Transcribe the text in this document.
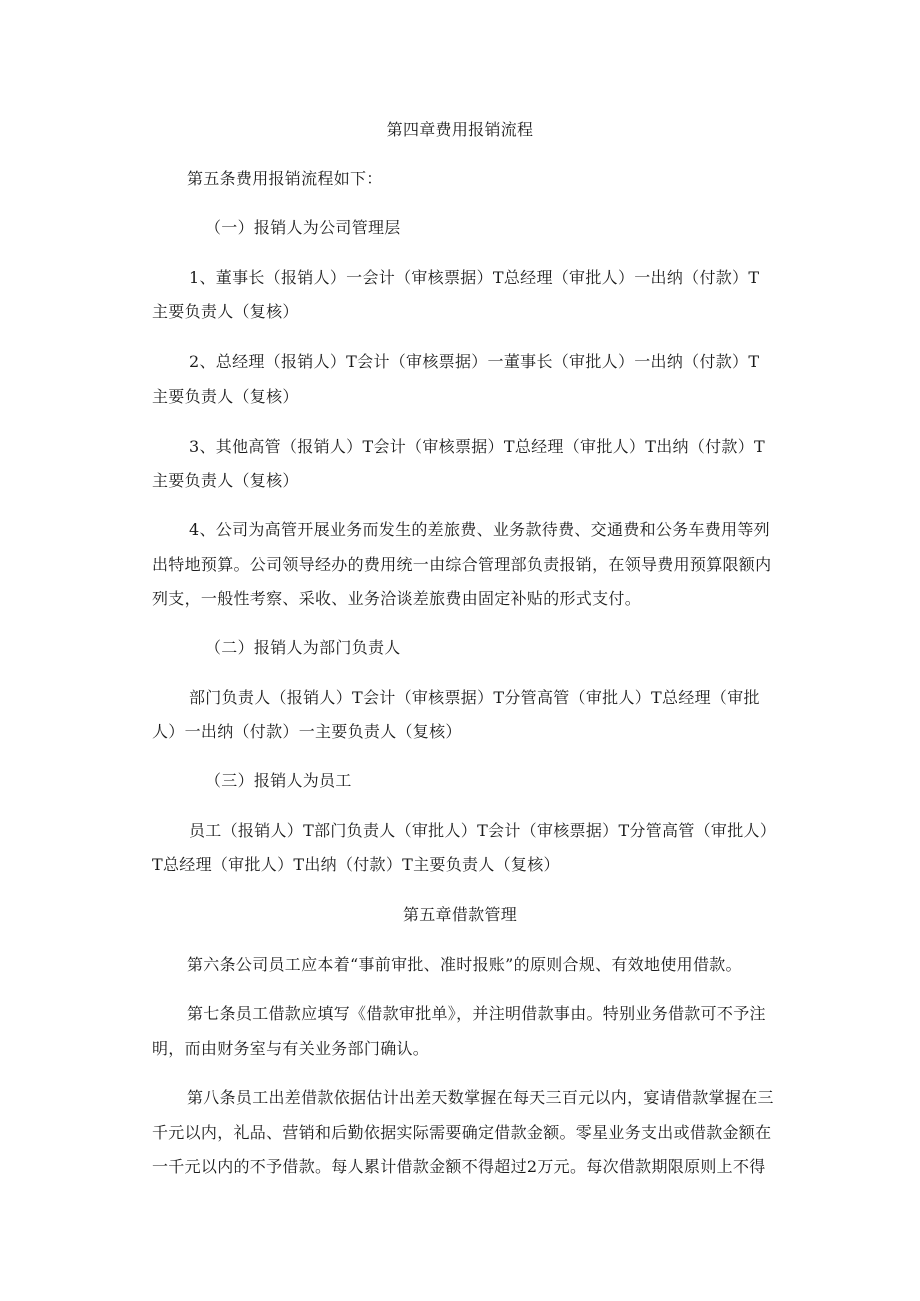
第四章费用报销流程
第五条费用报销流程如下：
（一）报销人为公司管理层
1、董事长（报销人）一会计（审核票据）T总经理（审批人）一出纳（付款）T
主要负责人（复核）
2、总经理（报销人）T会计（审核票据）一董事长（审批人）一出纳（付款）T
主要负责人（复核）
3、其他高管（报销人）T会计（审核票据）T总经理（审批人）T出纳（付款）T
主要负责人（复核）
4、公司为高管开展业务而发生的差旅费、业务款待费、交通费和公务车费用等列
出特地预算。公司领导经办的费用统一由综合管理部负责报销，在领导费用预算限额内
列支，一般性考察、采收、业务洽谈差旅费由固定补贴的形式支付。
（二）报销人为部门负责人
部门负责人（报销人）T会计（审核票据）T分管高管（审批人）T总经理（审批
人）一出纳（付款）一主要负责人（复核）
（三）报销人为员工
员工（报销人）T部门负责人（审批人）T会计（审核票据）T分管高管（审批人）
T总经理（审批人）T出纳（付款）T主要负责人（复核）
第五章借款管理
第六条公司员工应本着“事前审批、准时报账”的原则合规、有效地使用借款。
第七条员工借款应填写《借款审批单》，并注明借款事由。特别业务借款可不予注
明，而由财务室与有关业务部门确认。
第八条员工出差借款依据估计出差天数掌握在每天三百元以内，宴请借款掌握在三
千元以内，礼品、营销和后勤依据实际需要确定借款金额。零星业务支出或借款金额在
一千元以内的不予借款。每人累计借款金额不得超过2万元。每次借款期限原则上不得
